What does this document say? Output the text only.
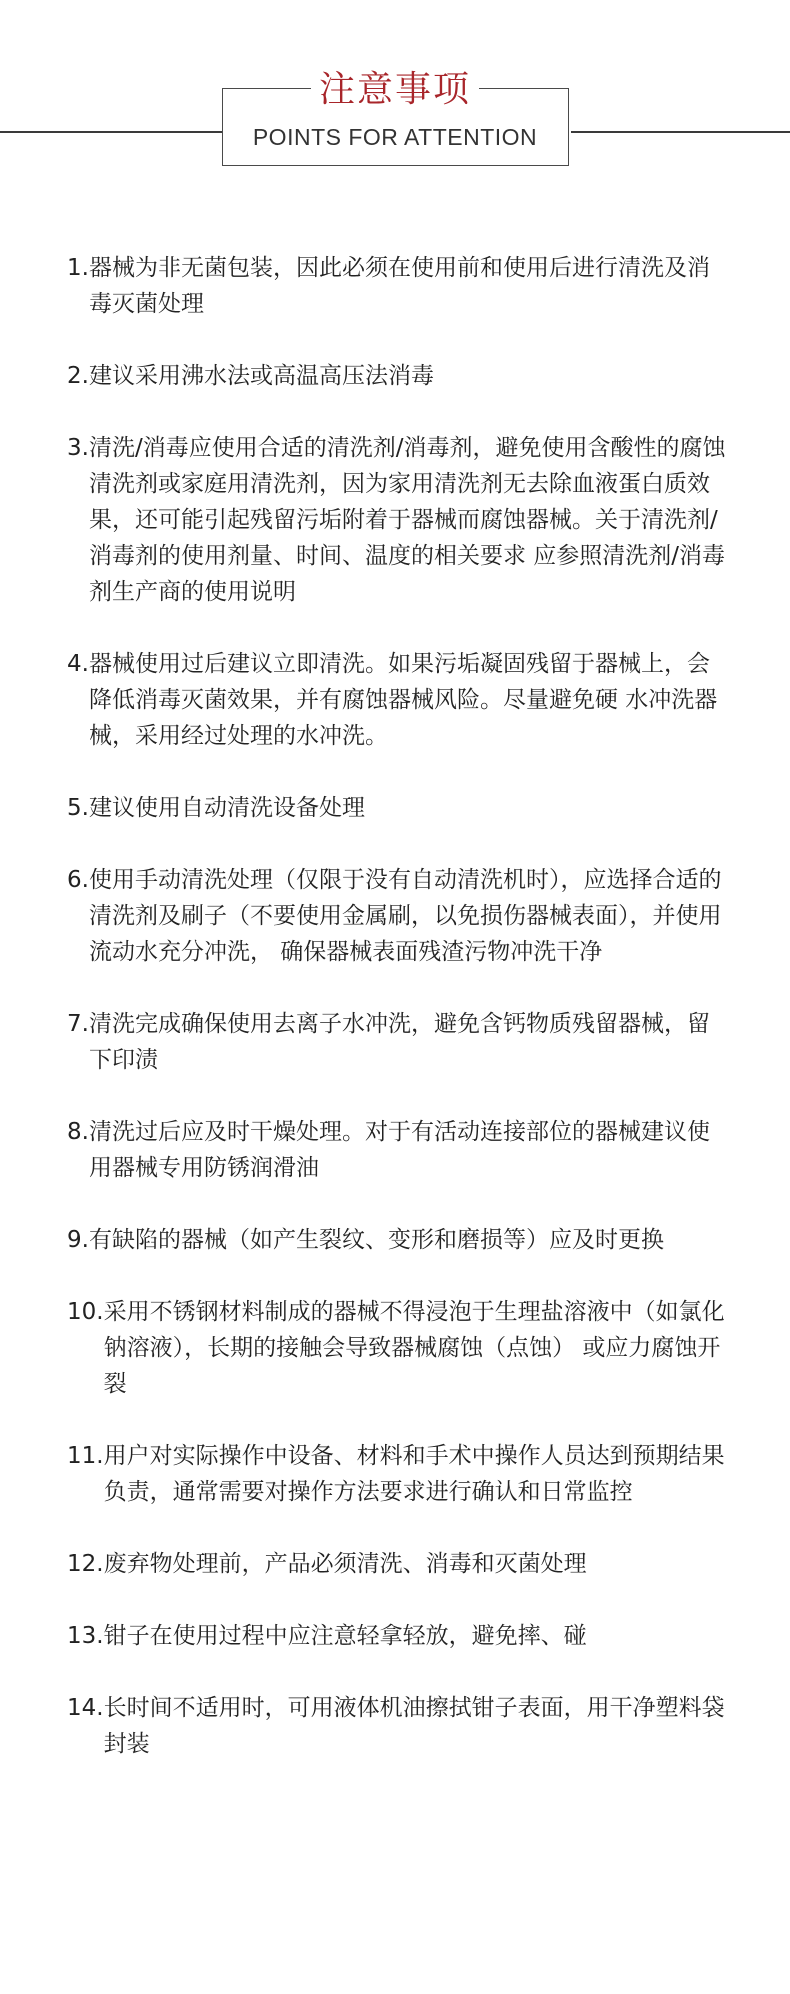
注意事项
POINTS FOR ATTENTION
1. 器械为非无菌包装，因此必须在使用前和使用后进行清洗及消毒灭菌处理
2. 建议采用沸水法或高温高压法消毒
3. 清洗/消毒应使用合适的清洗剂/消毒剂，避免使用含酸性的腐蚀清洗剂或家庭用清洗剂，因为家用清洗剂无去除血液蛋白质效果，还可能引起残留污垢附着于器械而腐蚀器械。关于清洗剂/消毒剂的使用剂量、时间、温度的相关要求 应参照清洗剂/消毒剂生产商的使用说明
4. 器械使用过后建议立即清洗。如果污垢凝固残留于器械上，会降低消毒灭菌效果，并有腐蚀器械风险。尽量避免硬 水冲洗器械，采用经过处理的水冲洗。
5. 建议使用自动清洗设备处理
6. 使用手动清洗处理（仅限于没有自动清洗机时），应选择合适的清洗剂及刷子（不要使用金属刷，以免损伤器械表面），并使用流动水充分冲洗， 确保器械表面残渣污物冲洗干净
7. 清洗完成确保使用去离子水冲洗，避免含钙物质残留器械，留下印渍
8. 清洗过后应及时干燥处理。对于有活动连接部位的器械建议使用器械专用防锈润滑油
9. 有缺陷的器械（如产生裂纹、变形和磨损等）应及时更换
10. 采用不锈钢材料制成的器械不得浸泡于生理盐溶液中（如氯化钠溶液），长期的接触会导致器械腐蚀（点蚀） 或应力腐蚀开裂
11. 用户对实际操作中设备、材料和手术中操作人员达到预期结果负责，通常需要对操作方法要求进行确认和日常监控
12. 废弃物处理前，产品必须清洗、消毒和灭菌处理
13. 钳子在使用过程中应注意轻拿轻放，避免摔、碰
14. 长时间不适用时，可用液体机油擦拭钳子表面，用干净塑料袋封装
